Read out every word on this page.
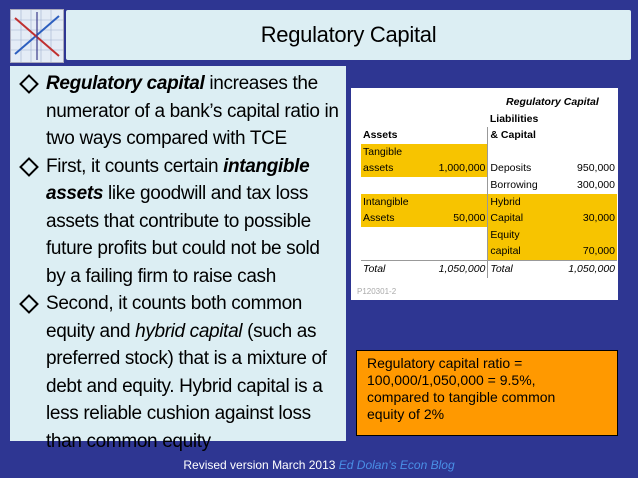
Regulatory Capital
Regulatory capital increases the numerator of a bank’s capital ratio in two ways compared with TCE
First, it counts certain intangible assets like goodwill and tax loss assets that contribute to possible future profits but could not be sold by a failing firm to raise cash
Second, it counts both common equity and hybrid capital (such as preferred stock) that is a mixture of debt and equity. Hybrid capital is a less reliable cushion against loss than common equity
		Regulatory Capital	
		Liabilities	
Assets		& Capital	
Tangible			
assets	1,000,000	Deposits	950,000
		Borrowing	300,000
Intangible		Hybrid	
Assets	50,000	Capital	30,000
		Equity	
		capital	70,000
Total	1,050,000	Total	1,050,000
P120301-2
Regulatory capital ratio =
100,000/1,050,000 = 9.5%,
compared to tangible common
equity of 2%
Revised version March 2013 Ed Dolan’s Econ Blog
